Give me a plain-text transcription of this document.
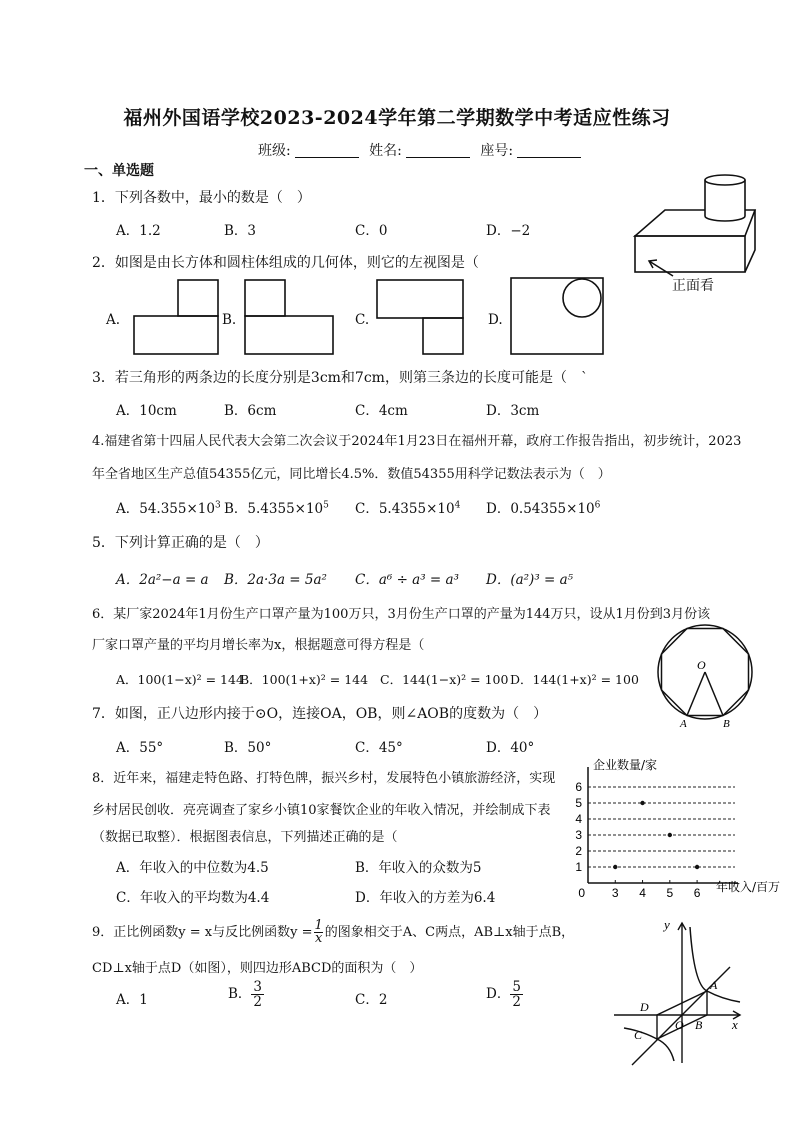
福州外国语学校2023-2024学年第二学期数学中考适应性练习
班级:	姓名:	座号:
一、单选题
1．下列各数中，最小的数是（　）
A．1.2	B．3	C．0	D．−2
正面看
2．如图是由长方体和圆柱体组成的几何体，则它的左视图是（
A.	B.	C.	D.
3．若三角形的两条边的长度分别是3cm和7cm，则第三条边的长度可能是（　`
A．10cm	B．6cm	C．4cm	D．3cm
4.福建省第十四届人民代表大会第二次会议于2024年1月23日在福州开幕，政府工作报告指出，初步统计，2023
年全省地区生产总值54355亿元，同比增长4.5%．数值54355用科学记数法表示为（　）
A．$54.355\times 10^3$ B．$5.4355\times 10^5$ C．$5.4355\times 10^4$ D．$0.54355\times 10^6$
5．下列计算正确的是（　）
A．2a²−a = a B．2a·3a = 5a² C．a⁶ ÷ a³ = a³ D．(a²)³ = a⁵
6．某厂家2024年1月份生产口罩产量为100万只，3月份生产口罩的产量为144万只，设从1月份到3月份该
厂家口罩产量的平均月增长率为x，根据题意可得方程是（
A．100(1−x)² = 144
B．100(1+x)² = 144 C．144(1−x)² = 100 D．144(1+x)² = 100
O
A	B
7．如图，正八边形内接于⊙O，连接OA，OB，则∠AOB的度数为（　）
A．55°	B．50°	C．45°	D．40°
8．近年来，福建走特色路、打特色牌，振兴乡村，发展特色小镇旅游经济，实现
乡村居民创收．亮亮调查了家乡小镇10家餐饮企业的年收入情况，并绘制成下表
（数据已取整）．根据图表信息，下列描述正确的是（
A．年收入的中位数为4.5	B．年收入的众数为5
C．年收入的平均数为4.4	D．年收入的方差为6.4
1
2
3
4
5
6
3 4 5 6
0
企业数量/家
年收入/百万
9．正比例函数y = x与反比例函数$y = \frac{1}{x}$ 的图象相交于A、C两点，AB⊥x轴于点B，
CD⊥x轴于点D（如图），则四边形ABCD的面积为（　）
A．1	B． $\frac{3}{2}$	C．2	D． $\frac{5}{2}$
y
x
A
B
D
C
O
